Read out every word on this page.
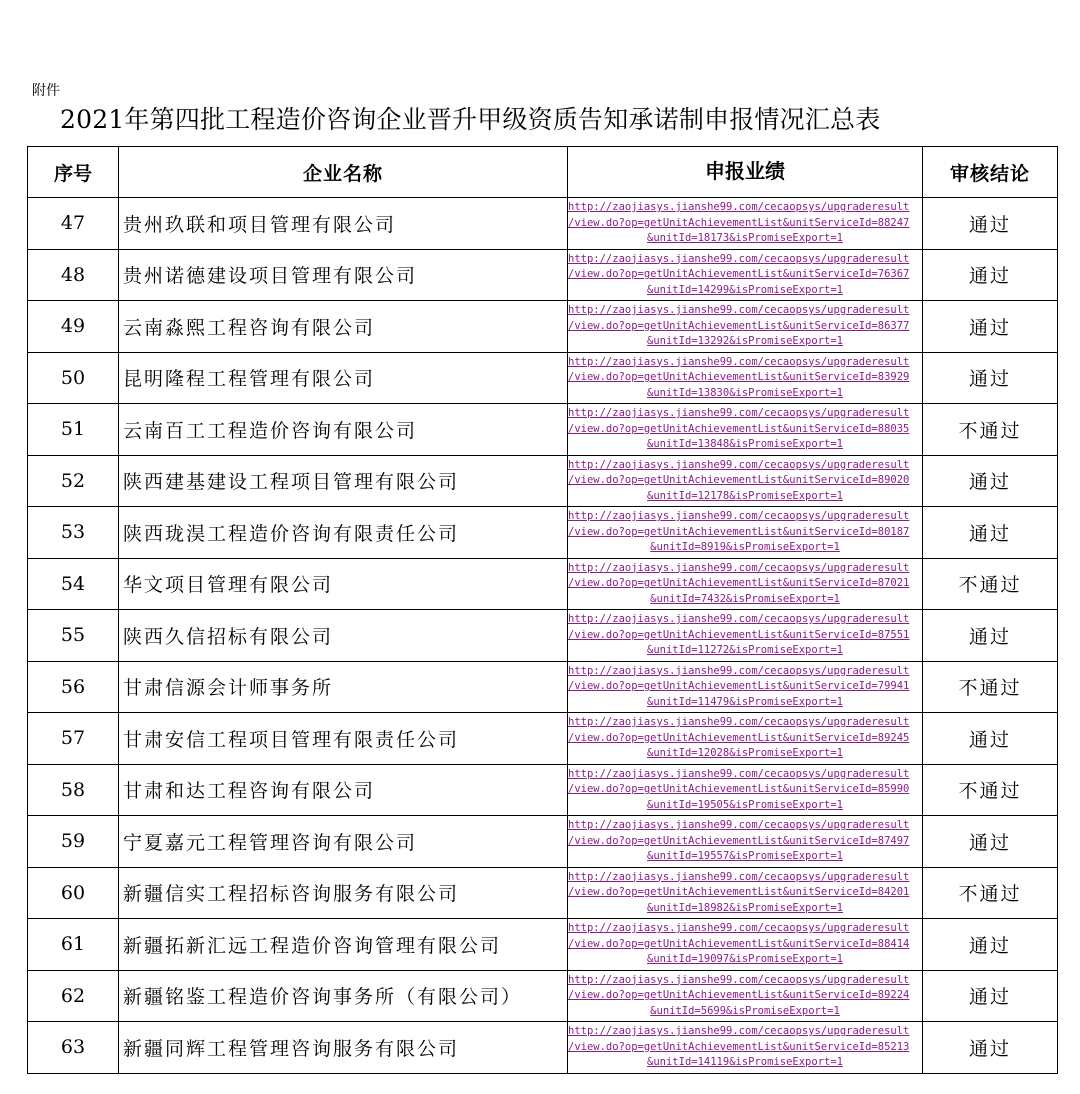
附件
2021年第四批工程造价咨询企业晋升甲级资质告知承诺制申报情况汇总表
序号	企业名称	申报业绩	审核结论
47	贵州玖联和项目管理有限公司	http://zaojiasys.jianshe99.com/cecaopsys/upgraderesult
/view.do?op=getUnitAchievementList&unitServiceId=88247
&unitId=18173&isPromiseExport=1	通过
48	贵州诺德建设项目管理有限公司	http://zaojiasys.jianshe99.com/cecaopsys/upgraderesult
/view.do?op=getUnitAchievementList&unitServiceId=76367
&unitId=14299&isPromiseExport=1	通过
49	云南淼熙工程咨询有限公司	http://zaojiasys.jianshe99.com/cecaopsys/upgraderesult
/view.do?op=getUnitAchievementList&unitServiceId=86377
&unitId=13292&isPromiseExport=1	通过
50	昆明隆程工程管理有限公司	http://zaojiasys.jianshe99.com/cecaopsys/upgraderesult
/view.do?op=getUnitAchievementList&unitServiceId=83929
&unitId=13830&isPromiseExport=1	通过
51	云南百工工程造价咨询有限公司	http://zaojiasys.jianshe99.com/cecaopsys/upgraderesult
/view.do?op=getUnitAchievementList&unitServiceId=88035
&unitId=13848&isPromiseExport=1	不通过
52	陕西建基建设工程项目管理有限公司	http://zaojiasys.jianshe99.com/cecaopsys/upgraderesult
/view.do?op=getUnitAchievementList&unitServiceId=89020
&unitId=12178&isPromiseExport=1	通过
53	陕西珑淏工程造价咨询有限责任公司	http://zaojiasys.jianshe99.com/cecaopsys/upgraderesult
/view.do?op=getUnitAchievementList&unitServiceId=80187
&unitId=8919&isPromiseExport=1	通过
54	华文项目管理有限公司	http://zaojiasys.jianshe99.com/cecaopsys/upgraderesult
/view.do?op=getUnitAchievementList&unitServiceId=87021
&unitId=7432&isPromiseExport=1	不通过
55	陕西久信招标有限公司	http://zaojiasys.jianshe99.com/cecaopsys/upgraderesult
/view.do?op=getUnitAchievementList&unitServiceId=87551
&unitId=11272&isPromiseExport=1	通过
56	甘肃信源会计师事务所	http://zaojiasys.jianshe99.com/cecaopsys/upgraderesult
/view.do?op=getUnitAchievementList&unitServiceId=79941
&unitId=11479&isPromiseExport=1	不通过
57	甘肃安信工程项目管理有限责任公司	http://zaojiasys.jianshe99.com/cecaopsys/upgraderesult
/view.do?op=getUnitAchievementList&unitServiceId=89245
&unitId=12028&isPromiseExport=1	通过
58	甘肃和达工程咨询有限公司	http://zaojiasys.jianshe99.com/cecaopsys/upgraderesult
/view.do?op=getUnitAchievementList&unitServiceId=85990
&unitId=19505&isPromiseExport=1	不通过
59	宁夏嘉元工程管理咨询有限公司	http://zaojiasys.jianshe99.com/cecaopsys/upgraderesult
/view.do?op=getUnitAchievementList&unitServiceId=87497
&unitId=19557&isPromiseExport=1	通过
60	新疆信实工程招标咨询服务有限公司	http://zaojiasys.jianshe99.com/cecaopsys/upgraderesult
/view.do?op=getUnitAchievementList&unitServiceId=84201
&unitId=18982&isPromiseExport=1	不通过
61	新疆拓新汇远工程造价咨询管理有限公司	http://zaojiasys.jianshe99.com/cecaopsys/upgraderesult
/view.do?op=getUnitAchievementList&unitServiceId=88414
&unitId=19097&isPromiseExport=1	通过
62	新疆铭鉴工程造价咨询事务所（有限公司）	http://zaojiasys.jianshe99.com/cecaopsys/upgraderesult
/view.do?op=getUnitAchievementList&unitServiceId=89224
&unitId=5699&isPromiseExport=1	通过
63	新疆同辉工程管理咨询服务有限公司	http://zaojiasys.jianshe99.com/cecaopsys/upgraderesult
/view.do?op=getUnitAchievementList&unitServiceId=85213
&unitId=14119&isPromiseExport=1	通过
